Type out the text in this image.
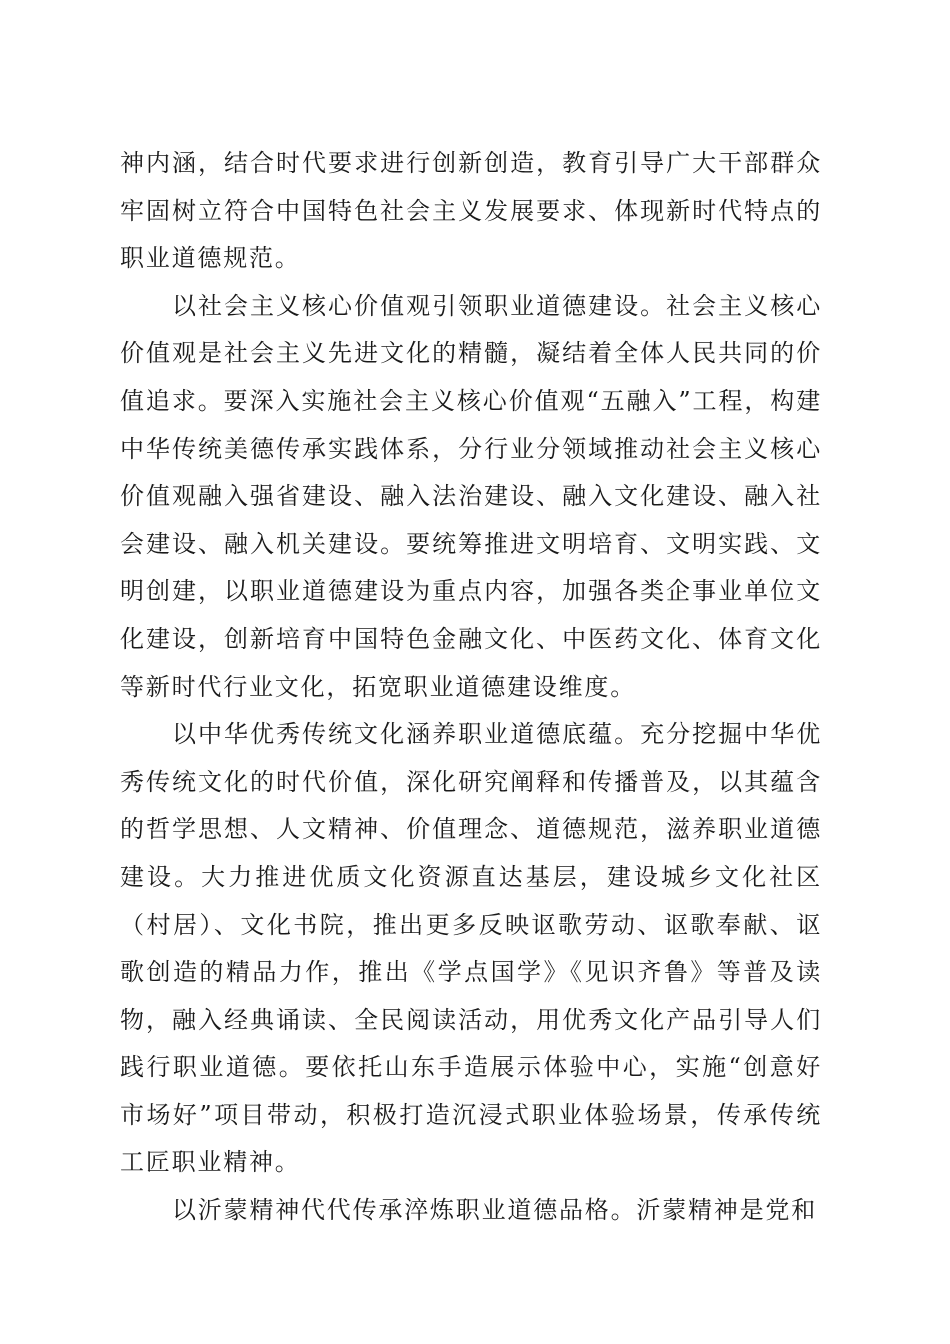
神内涵，结合时代要求进行创新创造，教育引导广大干部群众牢固树立符合中国特色社会主义发展要求、体现新时代特点的职业道德规范。

以社会主义核心价值观引领职业道德建设。社会主义核心价值观是社会主义先进文化的精髓，凝结着全体人民共同的价值追求。要深入实施社会主义核心价值观“五融入”工程，构建中华传统美德传承实践体系，分行业分领域推动社会主义核心价值观融入强省建设、融入法治建设、融入文化建设、融入社会建设、融入机关建设。要统筹推进文明培育、文明实践、文明创建，以职业道德建设为重点内容，加强各类企事业单位文化建设，创新培育中国特色金融文化、中医药文化、体育文化等新时代行业文化，拓宽职业道德建设维度。

以中华优秀传统文化涵养职业道德底蕴。充分挖掘中华优秀传统文化的时代价值，深化研究阐释和传播普及，以其蕴含的哲学思想、人文精神、价值理念、道德规范，滋养职业道德建设。大力推进优质文化资源直达基层，建设城乡文化社区（村居）、文化书院，推出更多反映讴歌劳动、讴歌奉献、讴歌创造的精品力作，推出《学点国学》《见识齐鲁》等普及读物，融入经典诵读、全民阅读活动，用优秀文化产品引导人们践行职业道德。要依托山东手造展示体验中心，实施“创意好市场好”项目带动，积极打造沉浸式职业体验场景，传承传统工匠职业精神。

以沂蒙精神代代传承淬炼职业道德品格。沂蒙精神是党和
